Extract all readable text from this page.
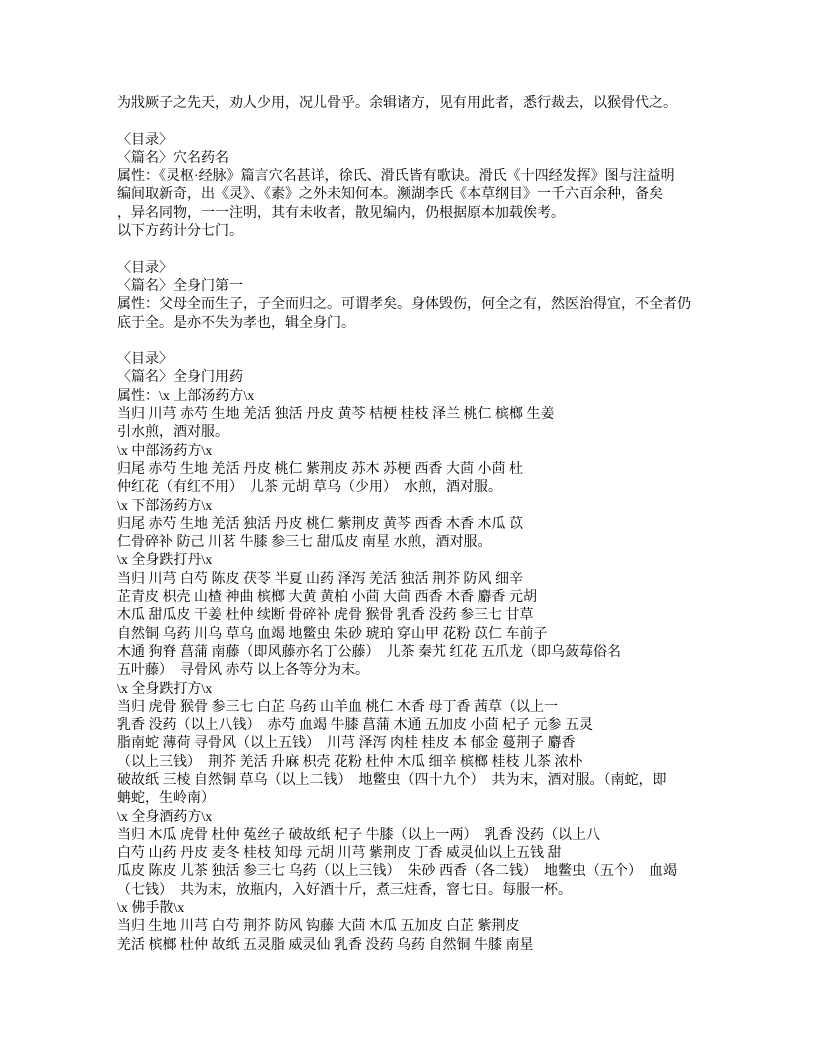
为戕厥子之先天，劝人少用，况儿骨乎。余辑诸方，见有用此者，悉行裁去，以猴骨代之。
〈目录〉
〈篇名〉穴名药名
属性：《灵枢·经脉》篇言穴名甚详，徐氏、滑氏皆有歌诀。滑氏《十四经发挥》图与注益明
编间取新奇，出《灵》、《素》之外未知何本。濒湖李氏《本草纲目》一千六百余种，备矣
，异名同物，一一注明，其有未收者，散见编内，仍根据原本加载俟考。
以下方药计分七门。
〈目录〉
〈篇名〉全身门第一
属性：父母全而生子，子全而归之。可谓孝矣。身体毁伤，何全之有，然医治得宜，不全者仍
底于全。是亦不失为孝也，辑全身门。
〈目录〉
〈篇名〉全身门用药
属性：\x 上部汤药方\x
当归 川芎 赤芍 生地 羌活 独活 丹皮 黄芩 桔梗 桂枝 泽兰 桃仁 槟榔 生姜
引水煎，酒对服。
\x 中部汤药方\x
归尾 赤芍 生地 羌活 丹皮 桃仁 紫荆皮 苏木 苏梗 西香 大茴 小茴 杜
仲红花（有红不用）　儿茶 元胡 草乌（少用）　水煎，酒对服。
\x 下部汤药方\x
归尾 赤芍 生地 羌活 独活 丹皮 桃仁 紫荆皮 黄芩 西香 木香 木瓜 苡
仁骨碎补 防己 川茗 牛膝 参三七 甜瓜皮 南星 水煎，酒对服。
\x 全身跌打丹\x
当归 川芎 白芍 陈皮 茯苓 半夏 山药 泽泻 羌活 独活 荆芥 防风 细辛
芷青皮 枳壳 山楂 神曲 槟榔 大黄 黄柏 小茴 大茴 西香 木香 麝香 元胡
木瓜 甜瓜皮 干姜 杜仲 续断 骨碎补 虎骨 猴骨 乳香 没药 参三七 甘草
自然铜 乌药 川乌 草乌 血竭 地鳖虫 朱砂 琥珀 穿山甲 花粉 苡仁 车前子
木通 狗脊 菖蒲 南藤（即风藤亦名丁公藤）　儿茶 秦艽 红花 五爪龙（即乌蔹莓俗名
五叶藤）　寻骨风 赤芍 以上各等分为末。
\x 全身跌打方\x
当归 虎骨 猴骨 参三七 白芷 乌药 山羊血 桃仁 木香 母丁香 茜草（以上一
乳香 没药（以上八钱）　赤芍 血竭 牛膝 菖蒲 木通 五加皮 小茴 杞子 元参 五灵
脂南蛇 薄荷 寻骨风（以上五钱）　川芎 泽泻 肉桂 桂皮 本 郁金 蔓荆子 麝香
（以上三钱）　荆芥 羌活 升麻 枳壳 花粉 杜仲 木瓜 细辛 槟榔 桂枝 儿茶 浓朴
破故纸 三棱 自然铜 草乌（以上二钱）　地鳖虫（四十九个）　共为末，酒对服。（南蛇，即
蚺蛇，生岭南）
\x 全身酒药方\x
当归 木瓜 虎骨 杜仲 菟丝子 破故纸 杞子 牛膝（以上一两）　乳香 没药（以上八
白芍 山药 丹皮 麦冬 桂枝 知母 元胡 川芎 紫荆皮 丁香 威灵仙以上五钱 甜
瓜皮 陈皮 儿茶 独活 参三七 乌药（以上三钱）　朱砂 西香（各二钱）　地鳖虫（五个）　血竭
（七钱）　共为末，放瓶内，入好酒十斤，煮三炷香，窨七日。每服一杯。
\x 佛手散\x
当归 生地 川芎 白芍 荆芥 防风 钩藤 大茴 木瓜 五加皮 白芷 紫荆皮
羌活 槟榔 杜仲 故纸 五灵脂 威灵仙 乳香 没药 乌药 自然铜 牛膝 南星
